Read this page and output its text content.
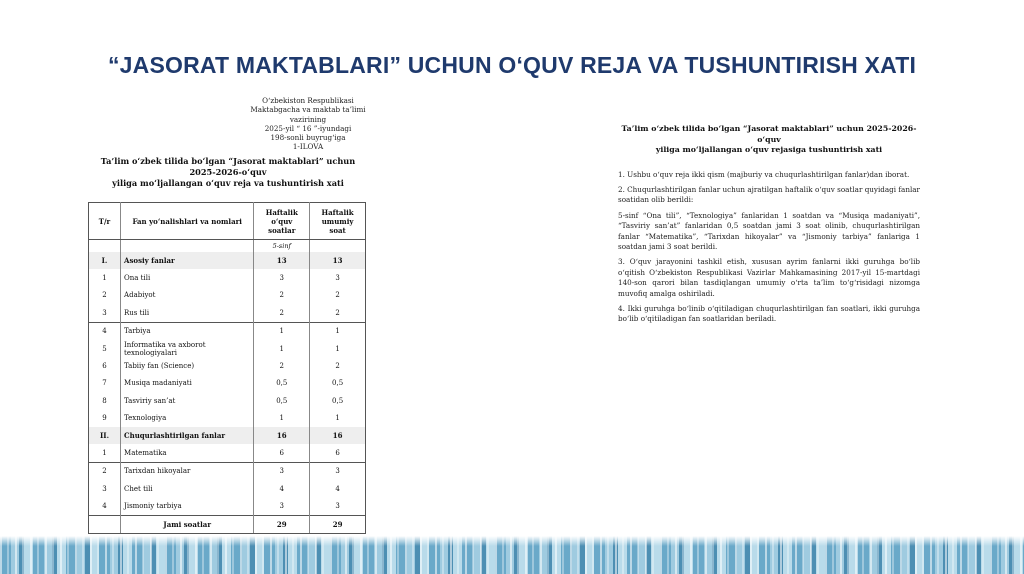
“JASORAT MAKTABLARI” UCHUN O‘QUV REJA VA TUSHUNTIRISH XATI
O‘zbekiston Respublikasi
Maktabgacha va maktab ta’limi vazirining
2025-yil “ 16 ”-iyundagi
198-sonli buyrug‘iga
1-ILOVA
Ta’lim o‘zbek tilida bo‘lgan “Jasorat maktablari” uchun 2025-2026-o‘quv
yiliga mo‘ljallangan o‘quv reja va tushuntirish xati
T/r	Fan yo‘nalishlari va nomlari	Haftalik o‘quv soatlar	Haftalik umumiy soat
		5-sinf	
I.	Asosiy fanlar	13	13
1	Ona tili	3	3
2	Adabiyot	2	2
3	Rus tili	2	2
4	Tarbiya	1	1
5	Informatika va axborot texnologiyalari	1	1
6	Tabiiy fan (Science)	2	2
7	Musiqa madaniyati	0,5	0,5
8	Tasviriy san’at	0,5	0,5
9	Texnologiya	1	1
II.	Chuqurlashtirilgan fanlar	16	16
1	Matematika	6	6
2	Tarixdan hikoyalar	3	3
3	Chet tili	4	4
4	Jismoniy tarbiya	3	3
	Jami soatlar	29	29
Ta’lim o‘zbek tilida bo‘lgan “Jasorat maktablari” uchun 2025-2026-o‘quv
yiliga mo‘ljallangan o‘quv rejasiga tushuntirish xati

1. Ushbu o‘quv reja ikki qism (majburiy va chuqurlashtirilgan fanlar)dan iborat.

2. Chuqurlashtirilgan fanlar uchun ajratilgan haftalik o‘quv soatlar quyidagi fanlar soatidan olib berildi:

5-sinf “Ona tili”, “Texnologiya” fanlaridan 1 soatdan va “Musiqa madaniyati”, “Tasviriy san’at” fanlaridan 0,5 soatdan jami 3 soat olinib, chuqurlashtirilgan fanlar “Matematika”, “Tarixdan hikoyalar” va “Jismoniy tarbiya” fanlariga 1 soatdan jami 3 soat berildi.

3. O‘quv jarayonini tashkil etish, xususan ayrim fanlarni ikki guruhga bo‘lib o‘qitish O‘zbekiston Respublikasi Vazirlar Mahkamasining 2017-yil 15-martdagi 140-son qarori bilan tasdiqlangan umumiy o‘rta ta’lim to‘g‘risidagi nizomga muvofiq amalga oshiriladi.

4. Ikki guruhga bo‘linib o‘qitiladigan chuqurlashtirilgan fan soatlari, ikki guruhga bo‘lib o‘qitiladigan fan soatlaridan beriladi.
